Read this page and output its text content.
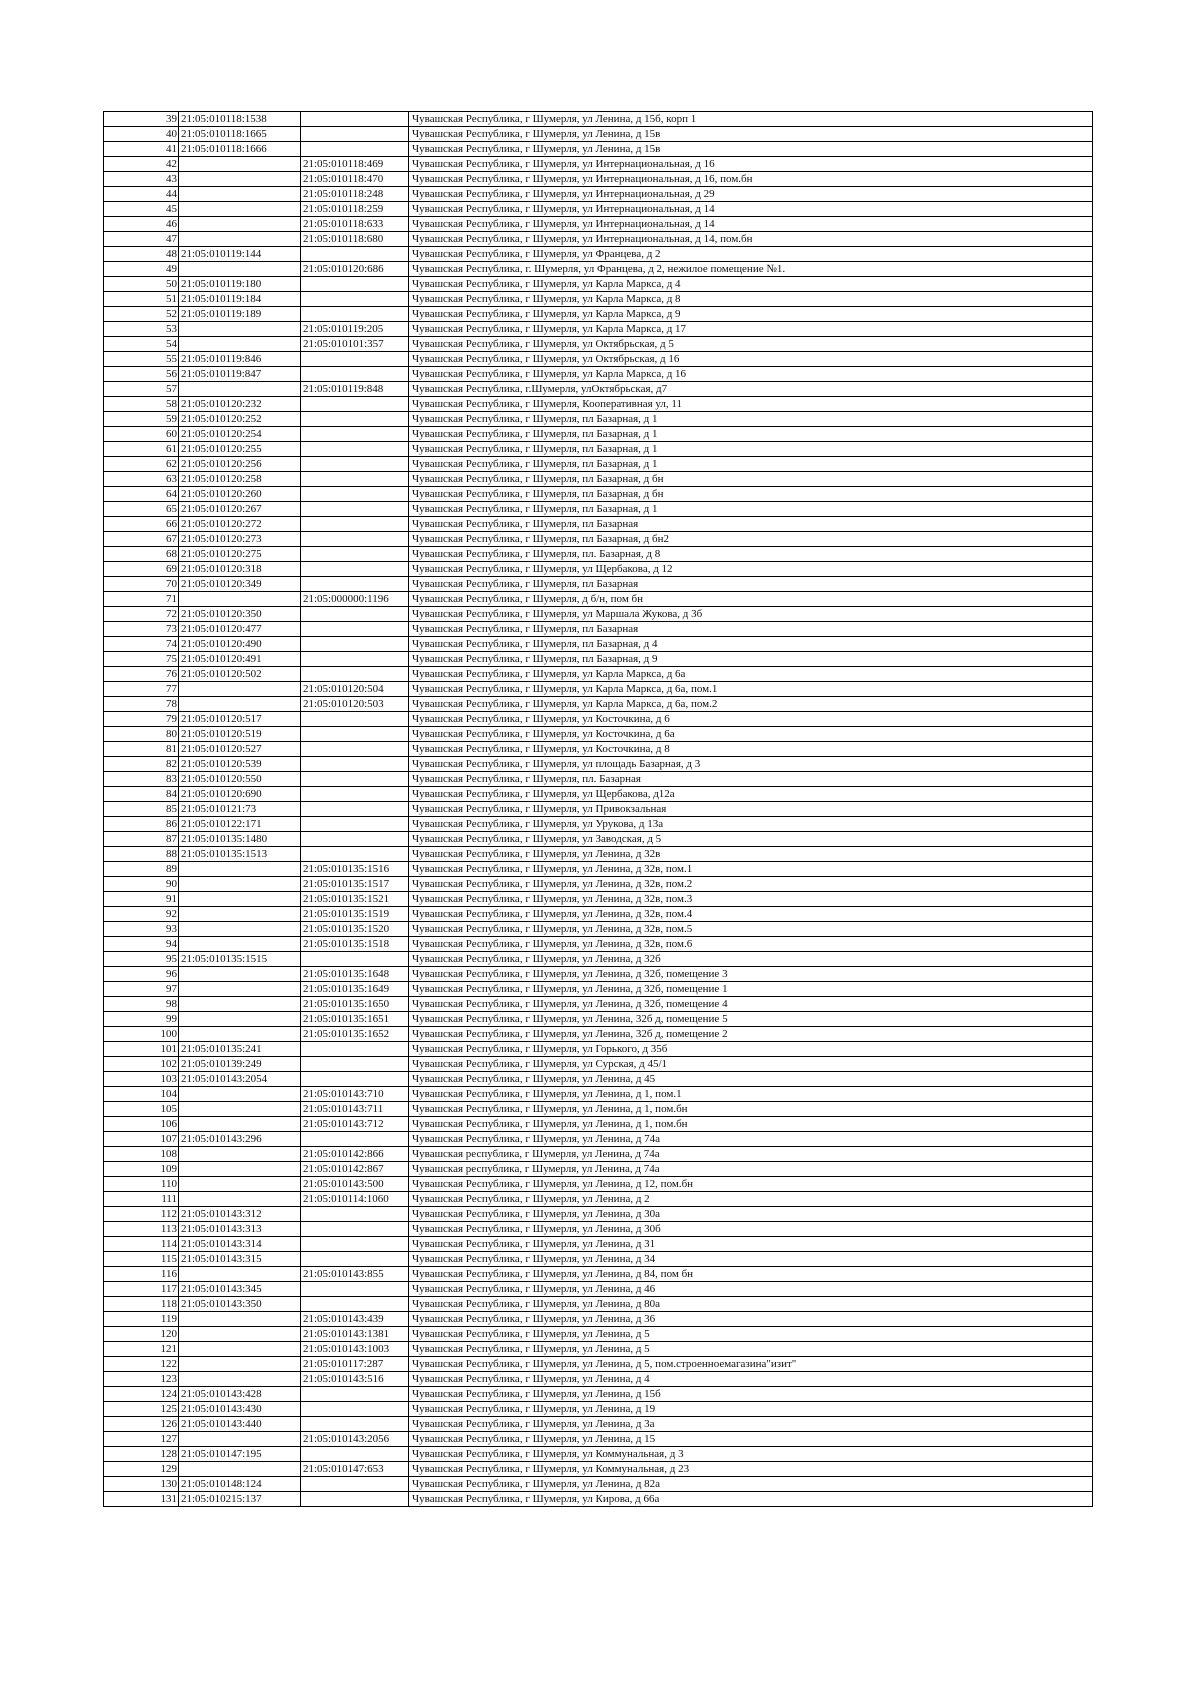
39	21:05:010118:1538		Чувашская Республика, г Шумерля, ул Ленина, д 15б, корп 1
40	21:05:010118:1665		Чувашская Республика, г Шумерля, ул Ленина, д 15в
41	21:05:010118:1666		Чувашская Республика, г Шумерля, ул Ленина, д 15в
42		21:05:010118:469	Чувашская Республика, г Шумерля, ул Интернациональная, д 16
43		21:05:010118:470	Чувашская Республика, г Шумерля, ул Интернациональная, д 16, пом.бн
44		21:05:010118:248	Чувашская Республика, г Шумерля, ул Интернациональная, д 29
45		21:05:010118:259	Чувашская Республика, г Шумерля, ул Интернациональная, д 14
46		21:05:010118:633	Чувашская Республика, г Шумерля, ул Интернациональная, д 14
47		21:05:010118:680	Чувашская Республика, г Шумерля, ул Интернациональная, д 14, пом.бн
48	21:05:010119:144		Чувашская Республика, г Шумерля, ул Францева, д 2
49		21:05:010120:686	Чувашская Республика, г. Шумерля, ул Францева, д 2, нежилое помещение №1.
50	21:05:010119:180		Чувашская Республика, г Шумерля, ул Карла Маркса, д 4
51	21:05:010119:184		Чувашская Республика, г Шумерля, ул Карла Маркса, д 8
52	21:05:010119:189		Чувашская Республика, г Шумерля, ул Карла Маркса, д 9
53		21:05:010119:205	Чувашская Республика, г Шумерля, ул Карла Маркса, д 17
54		21:05:010101:357	Чувашская Республика, г Шумерля, ул Октябрьская, д 5
55	21:05:010119:846		Чувашская Республика, г Шумерля, ул Октябрьская, д 16
56	21:05:010119:847		Чувашская Республика, г Шумерля, ул Карла Маркса, д 16
57		21:05:010119:848	Чувашская Республика, г.Шумерля, улОктябрьская, д7
58	21:05:010120:232		Чувашская Республика, г Шумерля, Кооперативная ул, 11
59	21:05:010120:252		Чувашская Республика, г Шумерля, пл Базарная, д 1
60	21:05:010120:254		Чувашская Республика, г Шумерля, пл Базарная, д 1
61	21:05:010120:255		Чувашская Республика, г Шумерля, пл Базарная, д 1
62	21:05:010120:256		Чувашская Республика, г Шумерля, пл Базарная, д 1
63	21:05:010120:258		Чувашская Республика, г Шумерля, пл Базарная, д бн
64	21:05:010120:260		Чувашская Республика, г Шумерля, пл Базарная, д бн
65	21:05:010120:267		Чувашская Республика, г Шумерля, пл Базарная, д 1
66	21:05:010120:272		Чувашская Республика, г Шумерля, пл Базарная
67	21:05:010120:273		Чувашская Республика, г Шумерля, пл Базарная, д бн2
68	21:05:010120:275		Чувашская Республика, г Шумерля, пл. Базарная, д 8
69	21:05:010120:318		Чувашская Республика, г Шумерля, ул Щербакова, д 12
70	21:05:010120:349		Чувашская Республика, г Шумерля, пл Базарная
71		21:05:000000:1196	Чувашская Республика, г Шумерля, д б/н, пом бн
72	21:05:010120:350		Чувашская Республика, г Шумерля, ул Маршала Жукова, д 3б
73	21:05:010120:477		Чувашская Республика, г Шумерля, пл Базарная
74	21:05:010120:490		Чувашская Республика, г Шумерля, пл Базарная, д 4
75	21:05:010120:491		Чувашская Республика, г Шумерля, пл Базарная, д 9
76	21:05:010120:502		Чувашская Республика, г Шумерля, ул Карла Маркса, д 6а
77		21:05:010120:504	Чувашская Республика, г Шумерля, ул Карла Маркса, д 6а, пом.1
78		21:05:010120:503	Чувашская Республика, г Шумерля, ул Карла Маркса, д 6а, пом.2
79	21:05:010120:517		Чувашская Республика, г Шумерля, ул Косточкина, д 6
80	21:05:010120:519		Чувашская Республика, г Шумерля, ул Косточкина, д 6а
81	21:05:010120:527		Чувашская Республика, г Шумерля, ул Косточкина, д 8
82	21:05:010120:539		Чувашская Республика, г Шумерля, ул площадь Базарная, д 3
83	21:05:010120:550		Чувашская Республика, г Шумерля, пл. Базарная
84	21:05:010120:690		Чувашская Республика, г Шумерля, ул Щербакова, д12а
85	21:05:010121:73		Чувашская Республика, г Шумерля, ул Привокзальная
86	21:05:010122:171		Чувашская Республика, г Шумерля, ул Урукова, д 13а
87	21:05:010135:1480		Чувашская Республика, г Шумерля, ул Заводская, д 5
88	21:05:010135:1513		Чувашская Республика, г Шумерля, ул Ленина, д 32в
89		21:05:010135:1516	Чувашская Республика, г Шумерля, ул Ленина, д 32в, пом.1
90		21:05:010135:1517	Чувашская Республика, г Шумерля, ул Ленина, д 32в, пом.2
91		21:05:010135:1521	Чувашская Республика, г Шумерля, ул Ленина, д 32в, пом.3
92		21:05:010135:1519	Чувашская Республика, г Шумерля, ул Ленина, д 32в, пом.4
93		21:05:010135:1520	Чувашская Республика, г Шумерля, ул Ленина, д 32в, пом.5
94		21:05:010135:1518	Чувашская Республика, г Шумерля, ул Ленина, д 32в, пом.6
95	21:05:010135:1515		Чувашская Республика, г Шумерля, ул Ленина, д 32б
96		21:05:010135:1648	Чувашская Республика, г Шумерля, ул Ленина, д 32б, помещение 3
97		21:05:010135:1649	Чувашская Республика, г Шумерля, ул Ленина, д 32б, помещение 1
98		21:05:010135:1650	Чувашская Республика, г Шумерля, ул Ленина, д 32б, помещение 4
99		21:05:010135:1651	Чувашская Республика, г Шумерля, ул Ленина, 32б д, помещение 5
100		21:05:010135:1652	Чувашская Республика, г Шумерля, ул Ленина, 32б д, помещение 2
101	21:05:010135:241		Чувашская Республика, г Шумерля, ул Горького, д 35б
102	21:05:010139:249		Чувашская Республика, г Шумерля, ул Сурская, д 45/1
103	21:05:010143:2054		Чувашская Республика, г Шумерля, ул Ленина, д 45
104		21:05:010143:710	Чувашская Республика, г Шумерля, ул Ленина, д 1, пом.1
105		21:05:010143:711	Чувашская Республика, г Шумерля, ул Ленина, д 1, пом.бн
106		21:05:010143:712	Чувашская Республика, г Шумерля, ул Ленина, д 1, пом.бн
107	21:05:010143:296		Чувашская Республика, г Шумерля, ул Ленина, д 74а
108		21:05:010142:866	Чувашская республика, г Шумерля, ул Ленина, д 74а
109		21:05:010142:867	Чувашская республика, г Шумерля, ул Ленина, д 74а
110		21:05:010143:500	Чувашская Республика, г Шумерля, ул Ленина, д 12, пом.бн
111		21:05:010114:1060	Чувашская Республика, г Шумерля, ул Ленина, д 2
112	21:05:010143:312		Чувашская Республика, г Шумерля, ул Ленина, д 30а
113	21:05:010143:313		Чувашская Республика, г Шумерля, ул Ленина, д 30б
114	21:05:010143:314		Чувашская Республика, г Шумерля, ул Ленина, д 31
115	21:05:010143:315		Чувашская Республика, г Шумерля, ул Ленина, д 34
116		21:05:010143:855	Чувашская Республика, г Шумерля, ул Ленина, д 84, пом бн
117	21:05:010143:345		Чувашская Республика, г Шумерля, ул Ленина, д 46
118	21:05:010143:350		Чувашская Республика, г Шумерля, ул Ленина, д 80а
119		21:05:010143:439	Чувашская Республика, г Шумерля, ул Ленина, д 36
120		21:05:010143:1381	Чувашская Республика, г Шумерля, ул Ленина, д 5
121		21:05:010143:1003	Чувашская Республика, г Шумерля, ул Ленина, д 5
122		21:05:010117:287	Чувашская Республика, г Шумерля, ул Ленина, д 5, пом.строенноемагазина"изит"
123		21:05:010143:516	Чувашская Республика, г Шумерля, ул Ленина, д 4
124	21:05:010143:428		Чувашская Республика, г Шумерля, ул Ленина, д 15б
125	21:05:010143:430		Чувашская Республика, г Шумерля, ул Ленина, д 19
126	21:05:010143:440		Чувашская Республика, г Шумерля, ул Ленина, д 3а
127		21:05:010143:2056	Чувашская Республика, г Шумерля, ул Ленина, д 15
128	21:05:010147:195		Чувашская Республика, г Шумерля, ул Коммунальная, д 3
129		21:05:010147:653	Чувашская Республика, г Шумерля, ул Коммунальная, д 23
130	21:05:010148:124		Чувашская Республика, г Шумерля, ул Ленина, д 82а
131	21:05:010215:137		Чувашская Республика, г Шумерля, ул Кирова, д 66а
